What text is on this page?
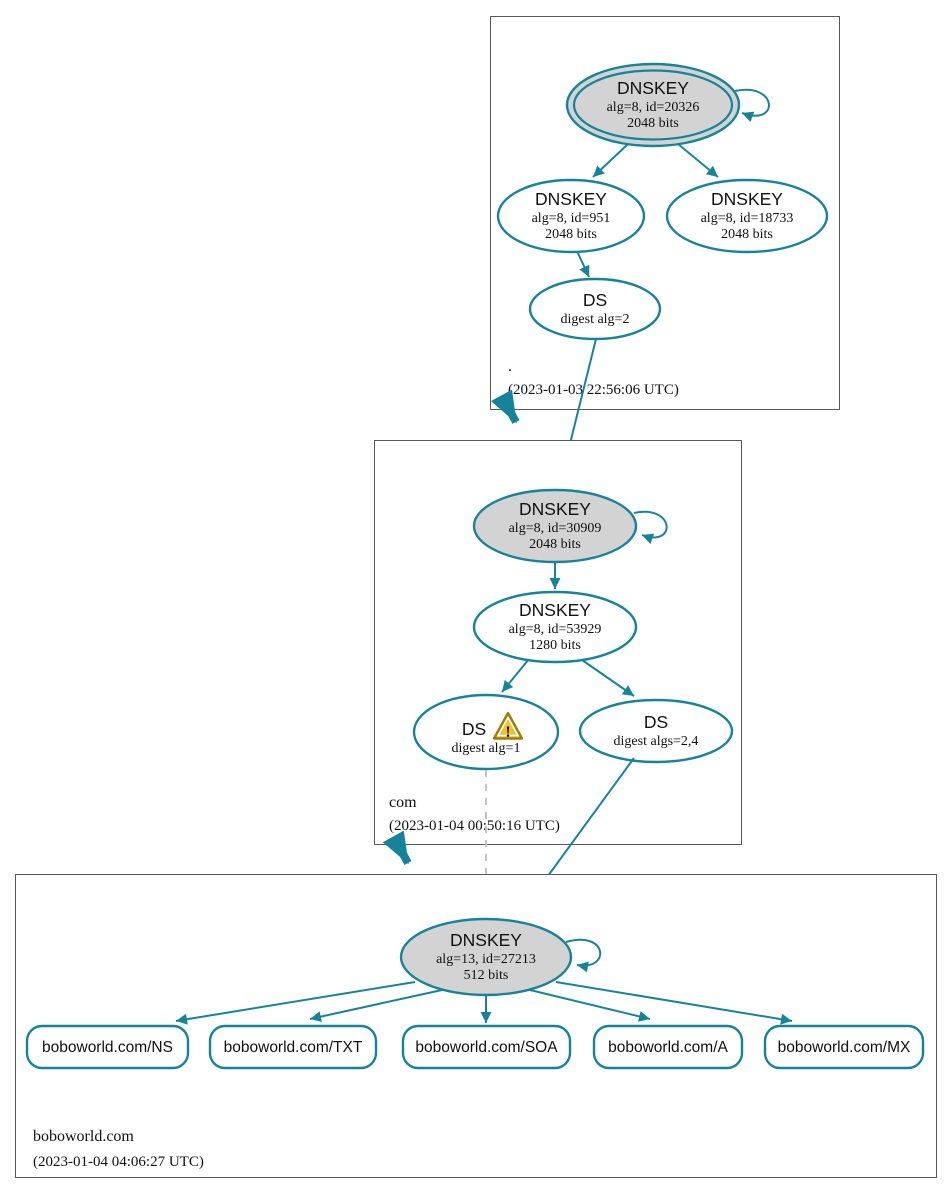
DNSKEY
alg=8, id=20326
2048 bits
DNSKEY
alg=8, id=951
2048 bits
DNSKEY
alg=8, id=18733
2048 bits
DS
digest alg=2
.
(2023-01-03 22:56:06 UTC)
DNSKEY
alg=8, id=30909
2048 bits
DNSKEY
alg=8, id=53929
1280 bits
DS
digest alg=1
!
DS
digest algs=2,4
com
(2023-01-04 00:50:16 UTC)
DNSKEY
alg=13, id=27213
512 bits
boboworld.com/NS	boboworld.com/TXT	boboworld.com/SOA	boboworld.com/A	boboworld.com/MX
boboworld.com
(2023-01-04 04:06:27 UTC)
